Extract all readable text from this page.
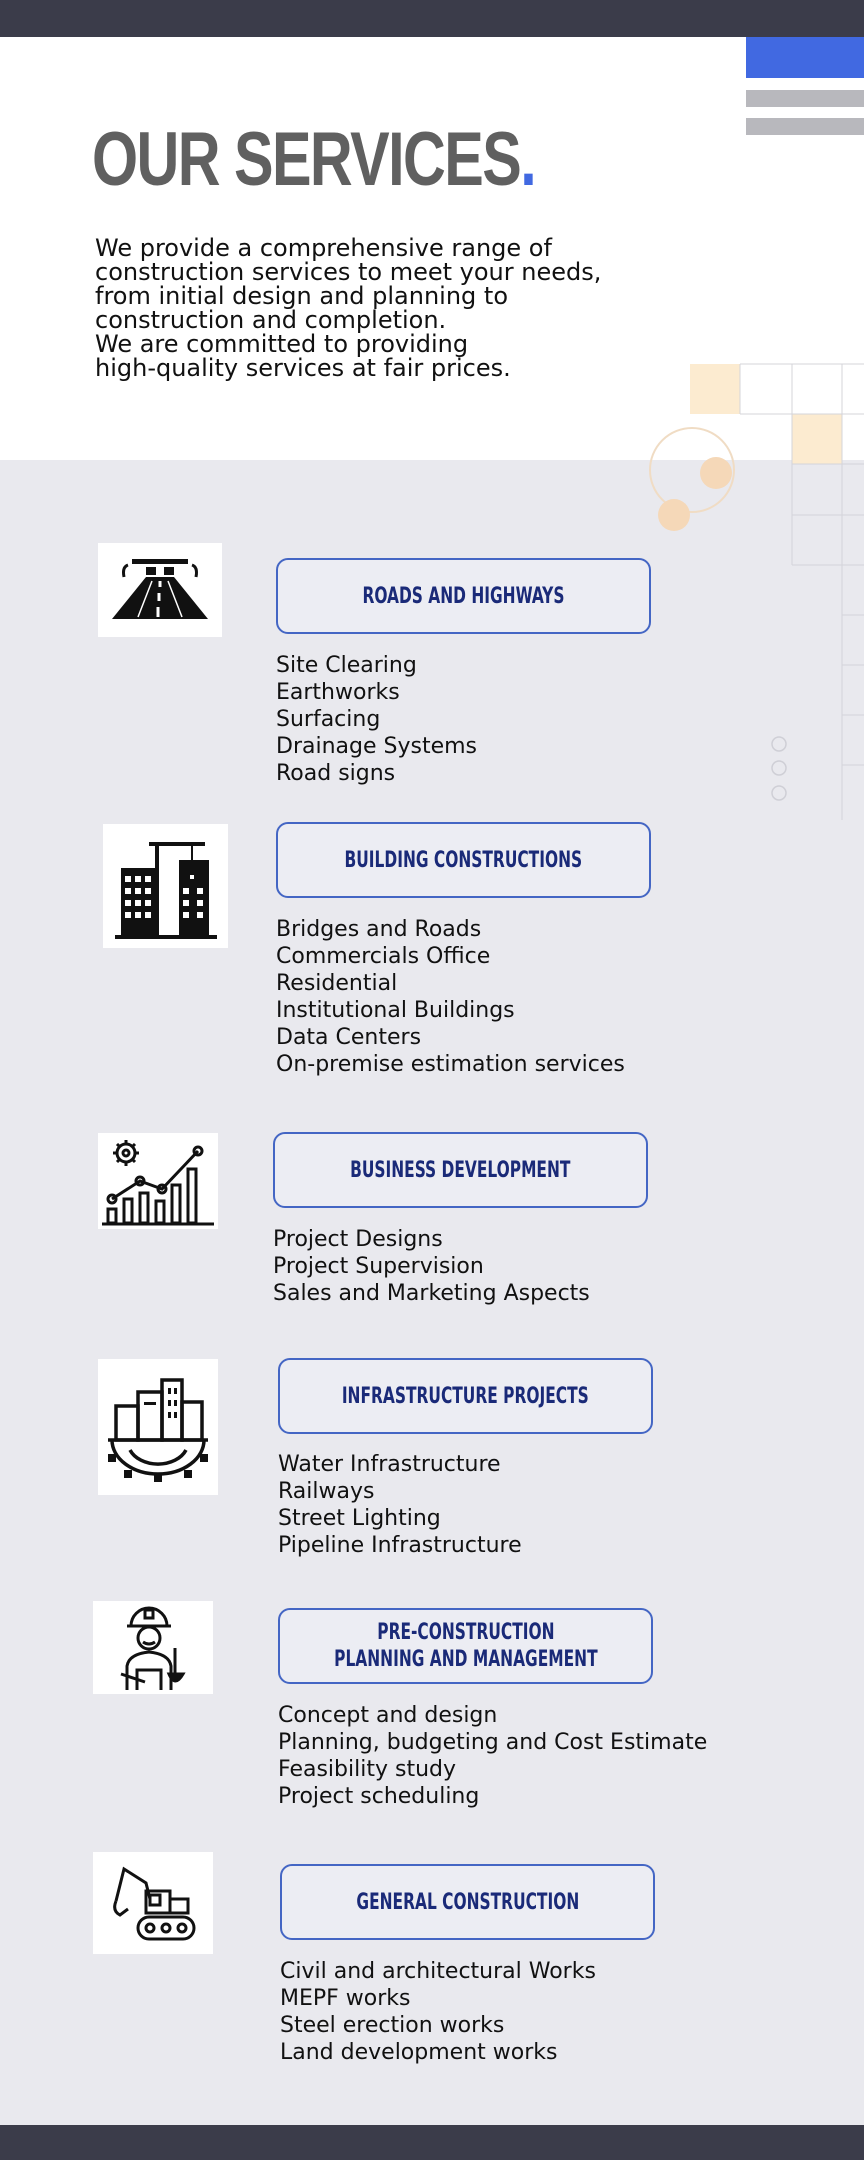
OUR SERVICES.

We provide a comprehensive range of

construction services to meet your needs,

from initial design and planning to

construction and completion.

We are committed to providing

high-quality services at fair prices.

ROADS AND HIGHWAYS
Site Clearing
Earthworks
Surfacing
Drainage Systems
Road signs
BUILDING CONSTRUCTIONS
Bridges and Roads
Commercials Office
Residential
Institutional Buildings
Data Centers
On-premise estimation services
BUSINESS DEVELOPMENT
Project Designs
Project Supervision
Sales and Marketing Aspects
INFRASTRUCTURE PROJECTS
Water Infrastructure
Railways
Street Lighting
Pipeline Infrastructure
PRE-CONSTRUCTION
PLANNING AND MANAGEMENT
Concept and design
Planning, budgeting and Cost Estimate
Feasibility study
Project scheduling
GENERAL CONSTRUCTION
Civil and architectural Works
MEPF works
Steel erection works
Land development works
